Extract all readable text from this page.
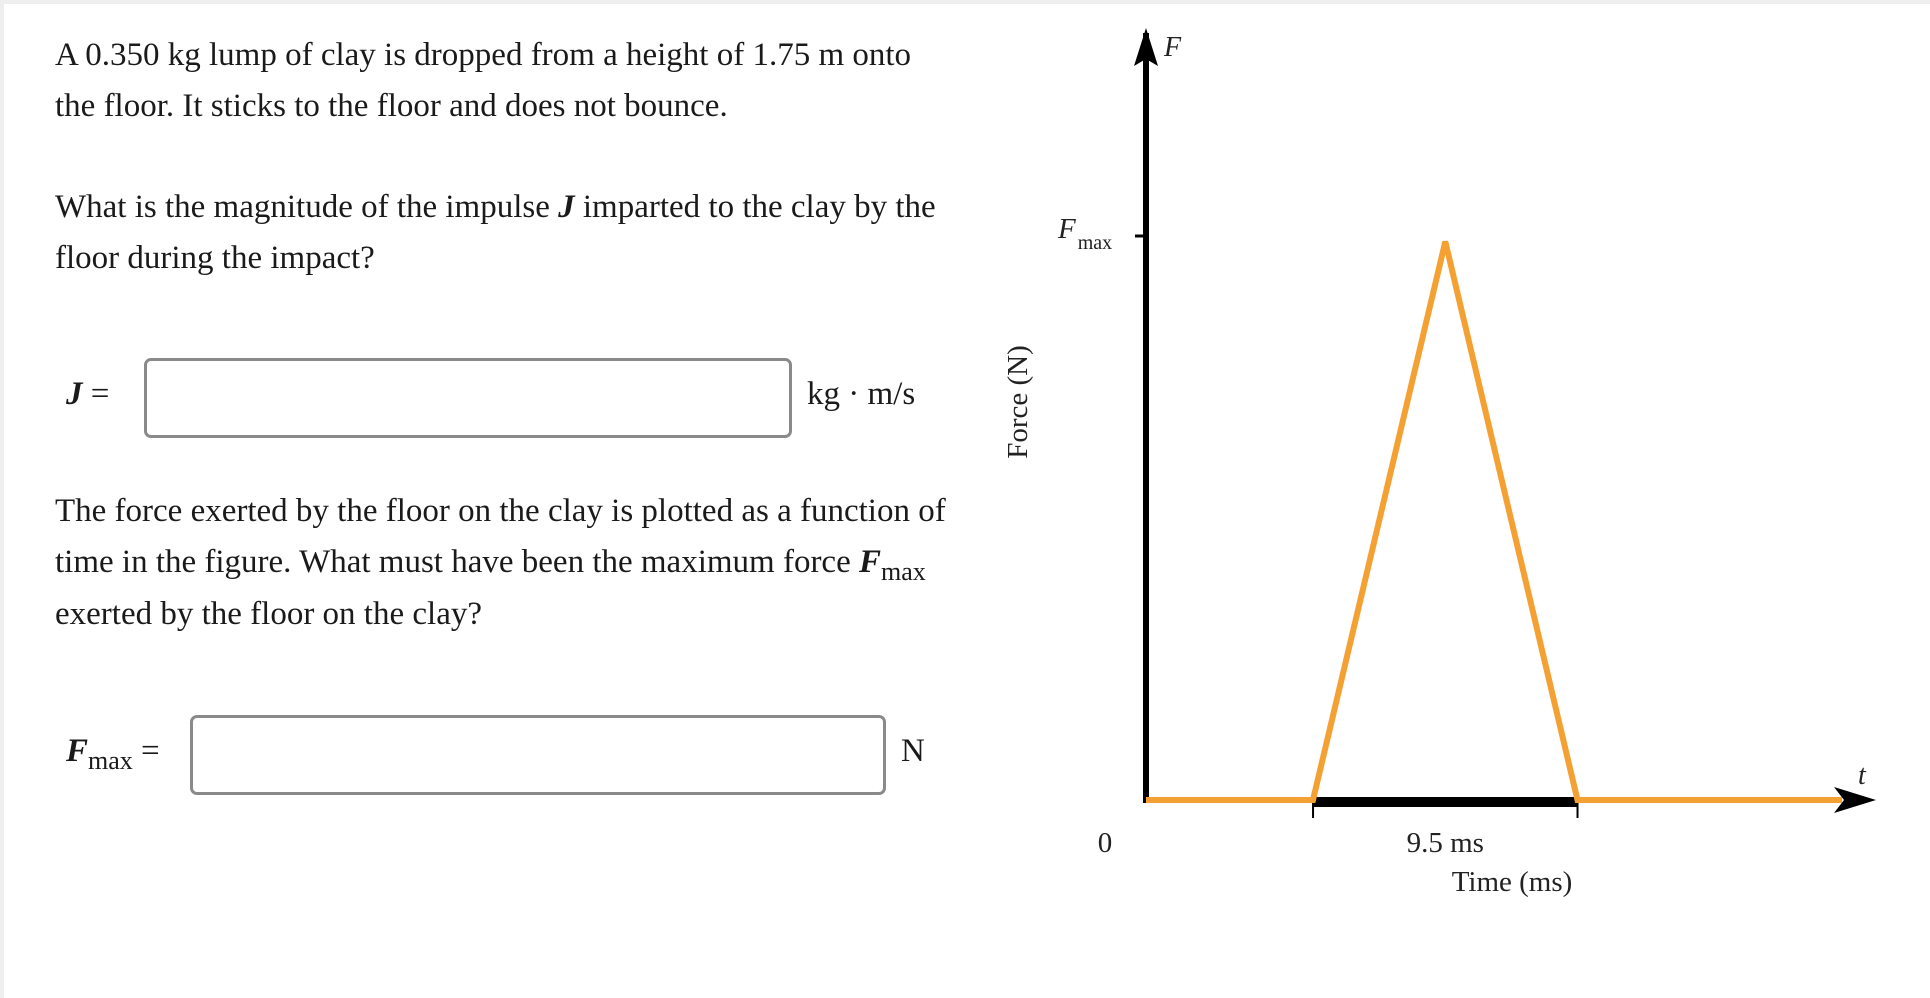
A 0.350 kg lump of clay is dropped from a height of 1.75 m onto the floor. It sticks to the floor and does not bounce.

What is the magnitude of the impulse J imparted to the clay by the floor during the impact?

J =	kg · m/s

The force exerted by the floor on the clay is plotted as a function of time in the figure. What must have been the maximum force $F_{max}$ exerted by the floor on the clay?

$F_{max}$ =	N
F
t
F $_{max}$
0	9.5 ms
Time (ms)
Force (N)
